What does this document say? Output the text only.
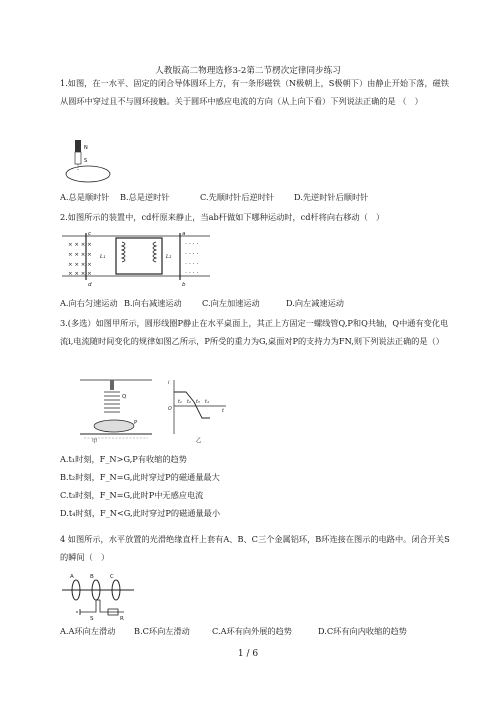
人教版高二物理选修3-2第二节楞次定律同步练习
1.如图，在一水平、固定的闭合导体圆环上方，有一条形磁铁（N极朝上，S极朝下）由静止开始下落，磁铁从圆环中穿过且不与圆环接触。关于圆环中感应电流的方向（从上向下看）下列说法正确的是 （　）
N
S
A.总是顺时针 B.总是逆时针	C.先顺时针后逆时针 D.先逆时针后顺时针
2.如图所示的装置中，cd杆原来静止，当ab杆做如下哪种运动时，cd杆将向右移动（　）
× × × ×
× × × ×
× × × ×
× × × ×
· · · ·
· · · ·
· · · ·
· · · ·
c	a
L₁	L₂
d	b
A.向右匀速运动 B.向右减速运动 C.向左加速运动	D.向左减速运动
3.(多选）如图甲所示，圆形线圈P静止在水平桌面上，其正上方固定一螺线管Q,P和Q共轴，Q中通有变化电流i,电流随时间变化的规律如图乙所示，P所受的重力为G,桌面对P的支持力为FN,则下列说法正确的是（）
Q
P
甲
i
O
t₁ t₂ t₃ t₄
t
乙
A.t₁时刻，F_N>G,P有收缩的趋势
B.t₂时刻，F_N=G,此时穿过P的磁通量最大
C.t₃时刻，F_N=G,此时P中无感应电流
D.t₄时刻，F_N<G,此时穿过P的磁通量最小
4 如图所示，水平放置的光滑绝缘直杆上套有A、B、C三个金属铝环，B环连接在图示的电路中。闭合开关S的瞬间（　）
A	B	C
S	R
A.A环向左滑动 B.C环向左滑动	C.A环有向外展的趋势	D.C环有向内收缩的趋势
1 / 6
